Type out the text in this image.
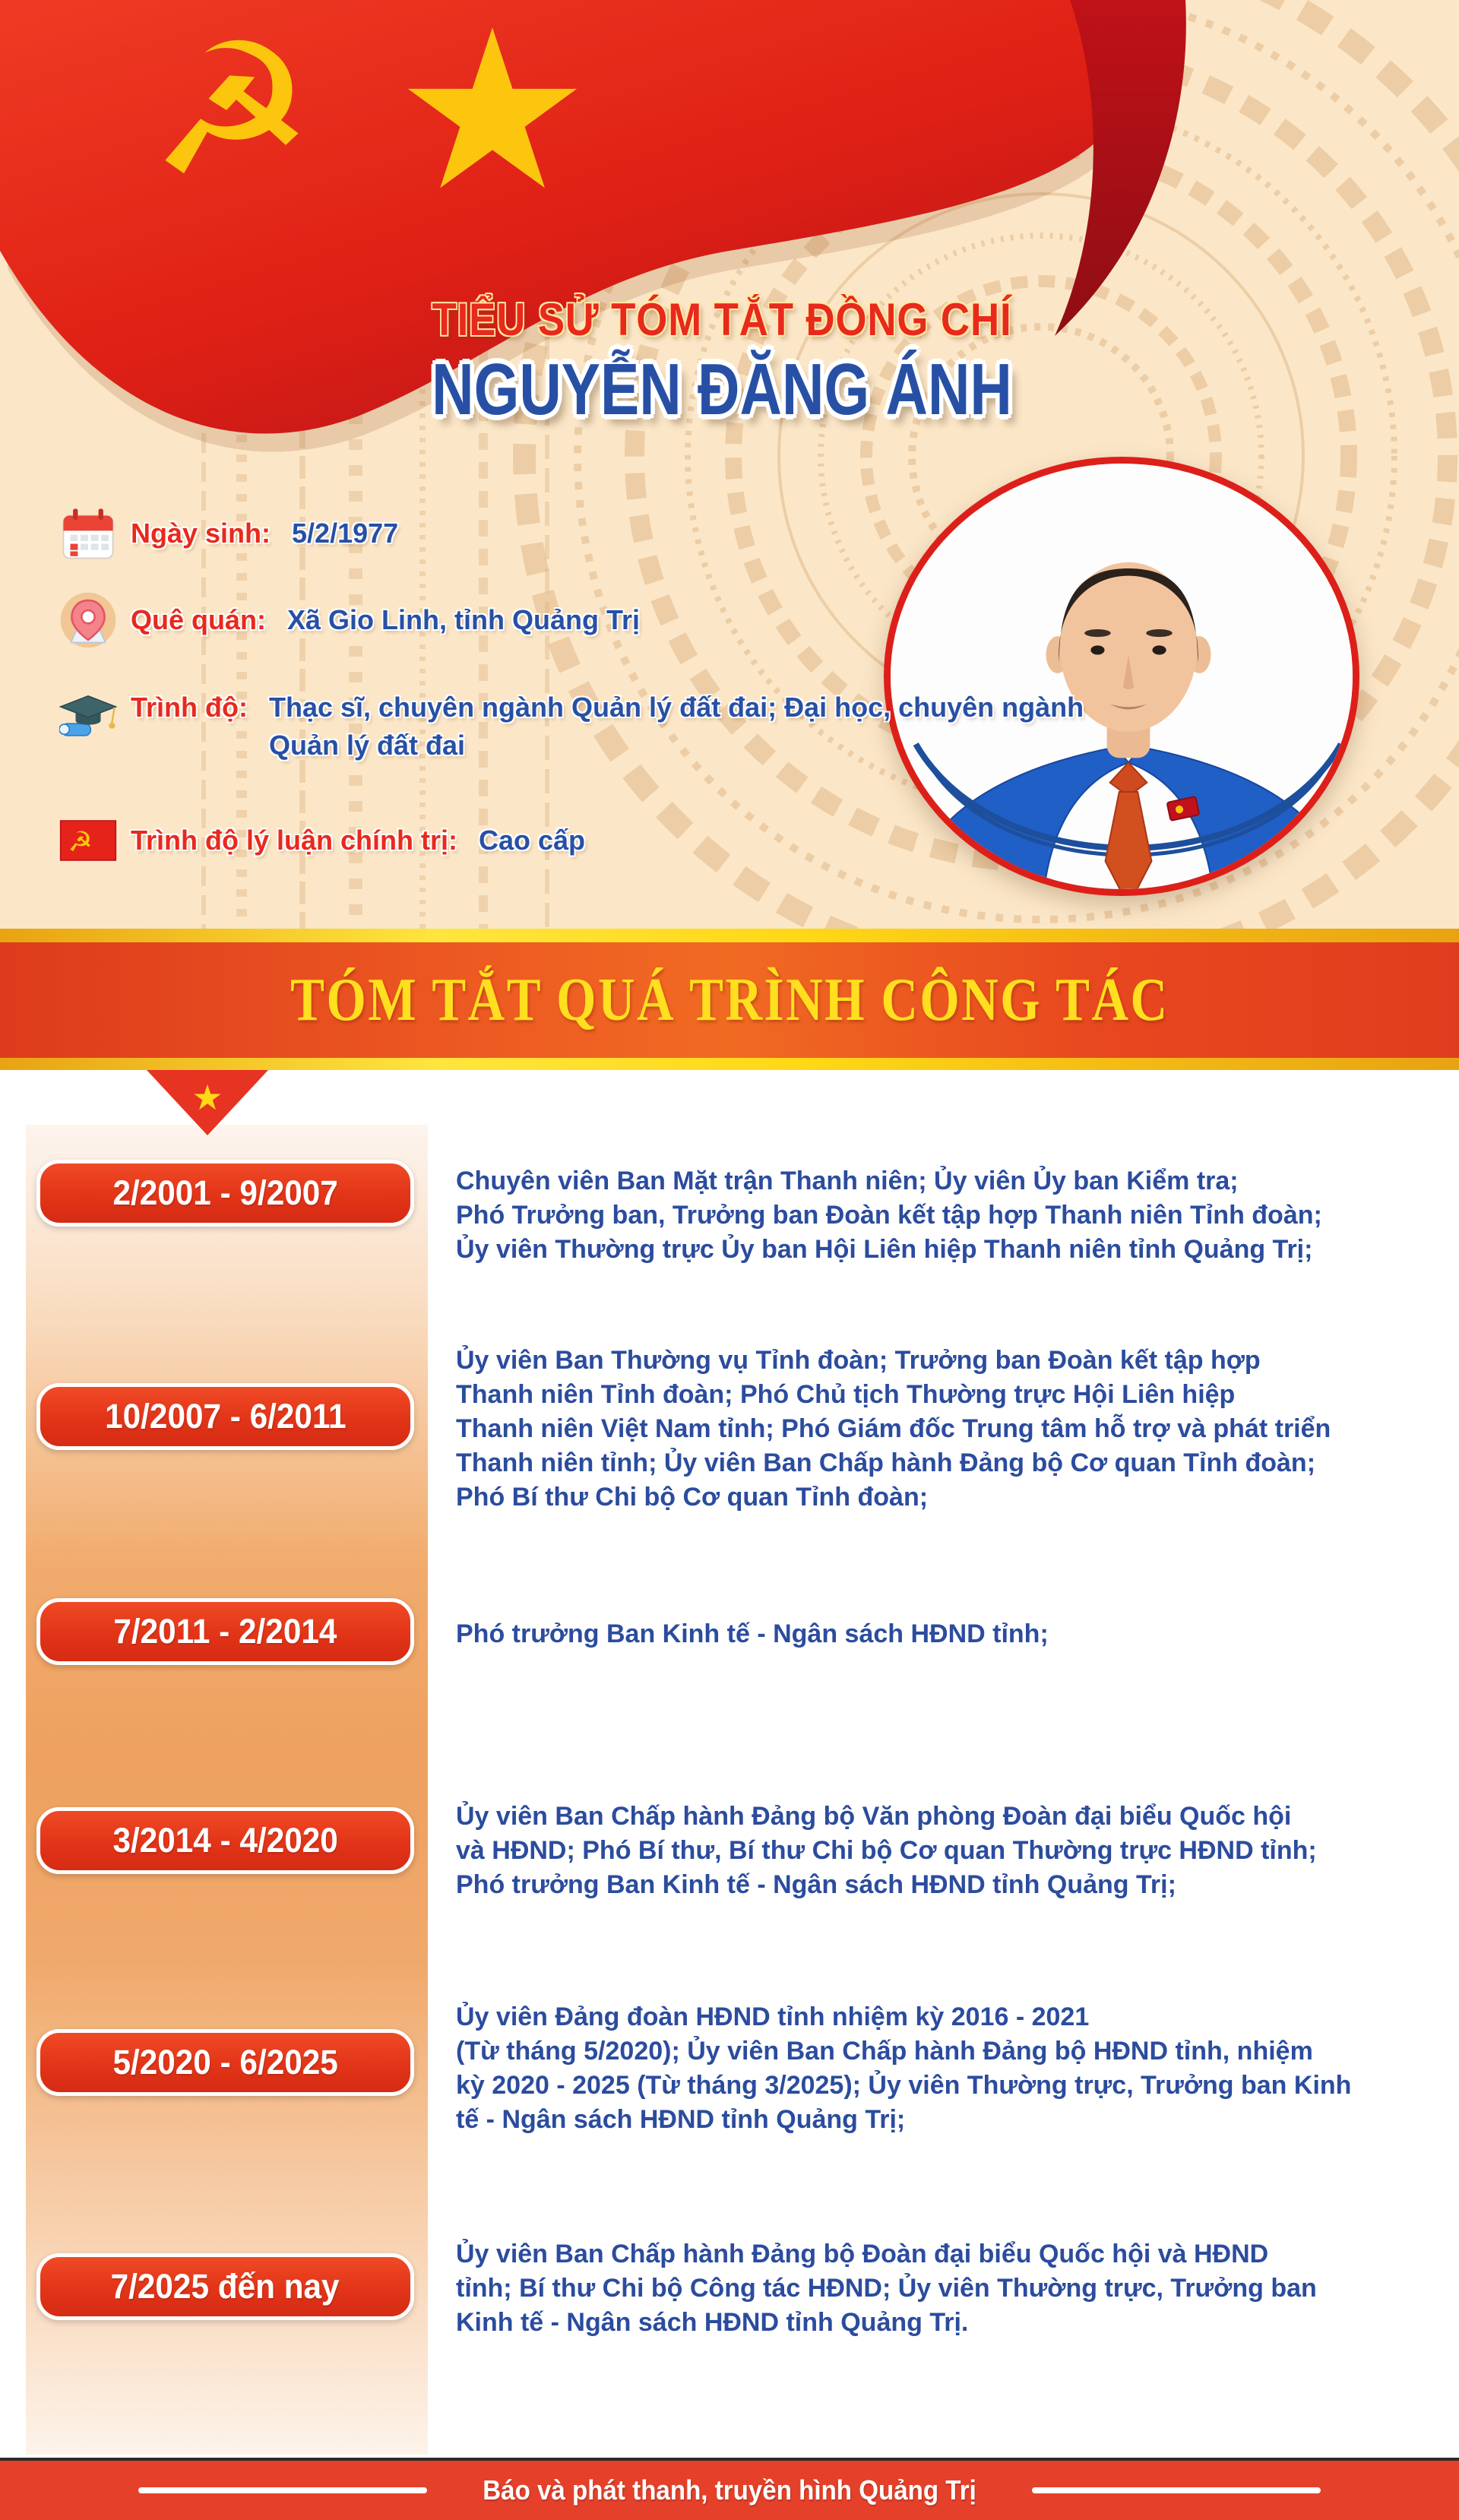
☭ ★
TIỂU SỬ TÓM TẮT ĐỒNG CHÍ
NGUYỄN ĐĂNG ÁNH
Ngày sinh: 5/2/1977
Quê quán: Xã Gio Linh, tỉnh Quảng Trị
Trình độ: Thạc sĩ, chuyên ngành Quản lý đất đai; Đại học, chuyên ngành
Quản lý đất đai
☭ Trình độ lý luận chính trị: Cao cấp
TÓM TẮT QUÁ TRÌNH CÔNG TÁC
★
2/2001 - 9/2007	Chuyên viên Ban Mặt trận Thanh niên; Ủy viên Ủy ban Kiểm tra;
Phó Trưởng ban, Trưởng ban Đoàn kết tập hợp Thanh niên Tỉnh đoàn;
Ủy viên Thường trực Ủy ban Hội Liên hiệp Thanh niên tỉnh Quảng Trị;
10/2007 - 6/2011
Ủy viên Ban Thường vụ Tỉnh đoàn; Trưởng ban Đoàn kết tập hợp
Thanh niên Tỉnh đoàn; Phó Chủ tịch Thường trực Hội Liên hiệp
Thanh niên Việt Nam tỉnh; Phó Giám đốc Trung tâm hỗ trợ và phát triển
Thanh niên tỉnh; Ủy viên Ban Chấp hành Đảng bộ Cơ quan Tỉnh đoàn;
Phó Bí thư Chi bộ Cơ quan Tỉnh đoàn;
7/2011 - 2/2014	Phó trưởng Ban Kinh tế - Ngân sách HĐND tỉnh;
3/2014 - 4/2020
Ủy viên Ban Chấp hành Đảng bộ Văn phòng Đoàn đại biểu Quốc hội
và HĐND; Phó Bí thư, Bí thư Chi bộ Cơ quan Thường trực HĐND tỉnh;
Phó trưởng Ban Kinh tế - Ngân sách HĐND tỉnh Quảng Trị;
5/2020 - 6/2025
Ủy viên Đảng đoàn HĐND tỉnh nhiệm kỳ 2016 - 2021
(Từ tháng 5/2020); Ủy viên Ban Chấp hành Đảng bộ HĐND tỉnh, nhiệm
kỳ 2020 - 2025 (Từ tháng 3/2025); Ủy viên Thường trực, Trưởng ban Kinh
tế - Ngân sách HĐND tỉnh Quảng Trị;
7/2025 đến nay
Ủy viên Ban Chấp hành Đảng bộ Đoàn đại biểu Quốc hội và HĐND
tỉnh; Bí thư Chi bộ Công tác HĐND; Ủy viên Thường trực, Trưởng ban
Kinh tế - Ngân sách HĐND tỉnh Quảng Trị.
Báo và phát thanh, truyền hình Quảng Trị
